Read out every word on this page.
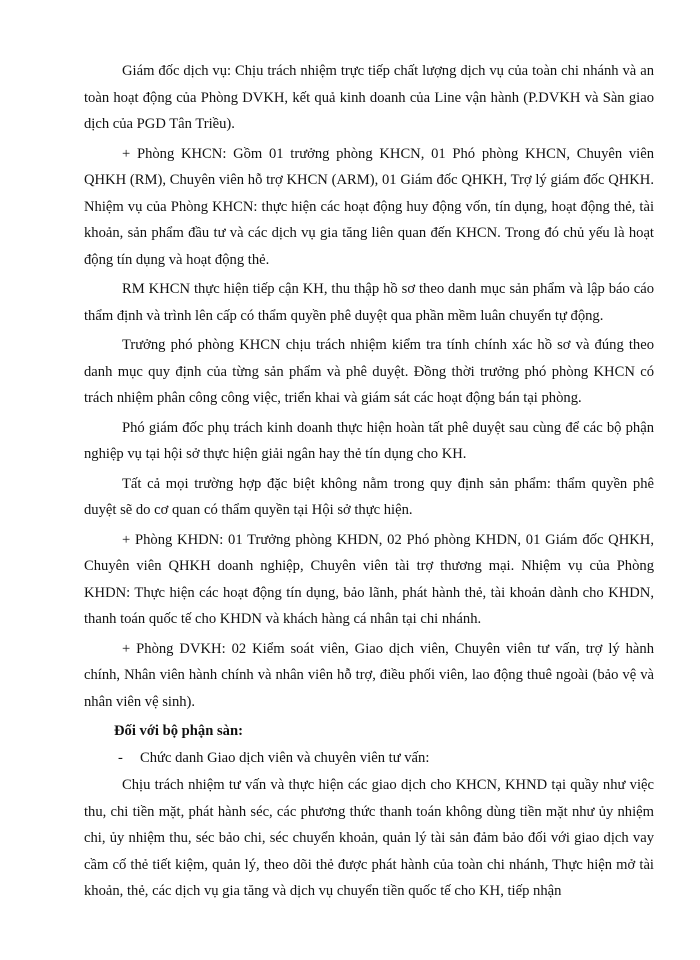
Giám đốc dịch vụ: Chịu trách nhiệm trực tiếp chất lượng dịch vụ của toàn chi nhánh và an toàn hoạt động của Phòng DVKH, kết quả kinh doanh của Line vận hành (P.DVKH và Sàn giao dịch của PGD Tân Triều).

+ Phòng KHCN: Gồm 01 trưởng phòng KHCN, 01 Phó phòng KHCN, Chuyên viên QHKH (RM), Chuyên viên hỗ trợ KHCN (ARM), 01 Giám đốc QHKH, Trợ lý giám đốc QHKH. Nhiệm vụ của Phòng KHCN: thực hiện các hoạt động huy động vốn, tín dụng, hoạt động thẻ, tài khoản, sản phẩm đầu tư và các dịch vụ gia tăng liên quan đến KHCN. Trong đó chủ yếu là hoạt động tín dụng và hoạt động thẻ.

RM KHCN thực hiện tiếp cận KH, thu thập hồ sơ theo danh mục sản phẩm và lập báo cáo thẩm định và trình lên cấp có thẩm quyền phê duyệt qua phần mềm luân chuyển tự động.

Trưởng phó phòng KHCN chịu trách nhiệm kiểm tra tính chính xác hồ sơ và đúng theo danh mục quy định của từng sản phẩm và phê duyệt. Đồng thời trưởng phó phòng KHCN có trách nhiệm phân công công việc, triển khai và giám sát các hoạt động bán tại phòng.

Phó giám đốc phụ trách kinh doanh thực hiện hoàn tất phê duyệt sau cùng để các bộ phận nghiệp vụ tại hội sở thực hiện giải ngân hay thẻ tín dụng cho KH.

Tất cả mọi trường hợp đặc biệt không nằm trong quy định sản phẩm: thẩm quyền phê duyệt sẽ do cơ quan có thẩm quyền tại Hội sở thực hiện.

+ Phòng KHDN: 01 Trưởng phòng KHDN, 02 Phó phòng KHDN, 01 Giám đốc QHKH, Chuyên viên QHKH doanh nghiệp, Chuyên viên tài trợ thương mại. Nhiệm vụ của Phòng KHDN: Thực hiện các hoạt động tín dụng, bảo lãnh, phát hành thẻ, tài khoản dành cho KHDN, thanh toán quốc tế cho KHDN và khách hàng cá nhân tại chi nhánh.

+ Phòng DVKH: 02 Kiểm soát viên, Giao dịch viên, Chuyên viên tư vấn, trợ lý hành chính, Nhân viên hành chính và nhân viên hỗ trợ, điều phối viên, lao động thuê ngoài (bảo vệ và nhân viên vệ sinh).

Đối với bộ phận sàn:

- Chức danh Giao dịch viên và chuyên viên tư vấn:

Chịu trách nhiệm tư vấn và thực hiện các giao dịch cho KHCN, KHND tại quầy như việc thu, chi tiền mặt, phát hành séc, các phương thức thanh toán không dùng tiền mặt như ủy nhiệm chi, ủy nhiệm thu, séc bảo chi, séc chuyển khoản, quản lý tài sản đảm bảo đối với giao dịch vay cầm cố thẻ tiết kiệm, quản lý, theo dõi thẻ được phát hành của toàn chi nhánh, Thực hiện mở tài khoản, thẻ, các dịch vụ gia tăng và dịch vụ chuyển tiền quốc tế cho KH, tiếp nhận
